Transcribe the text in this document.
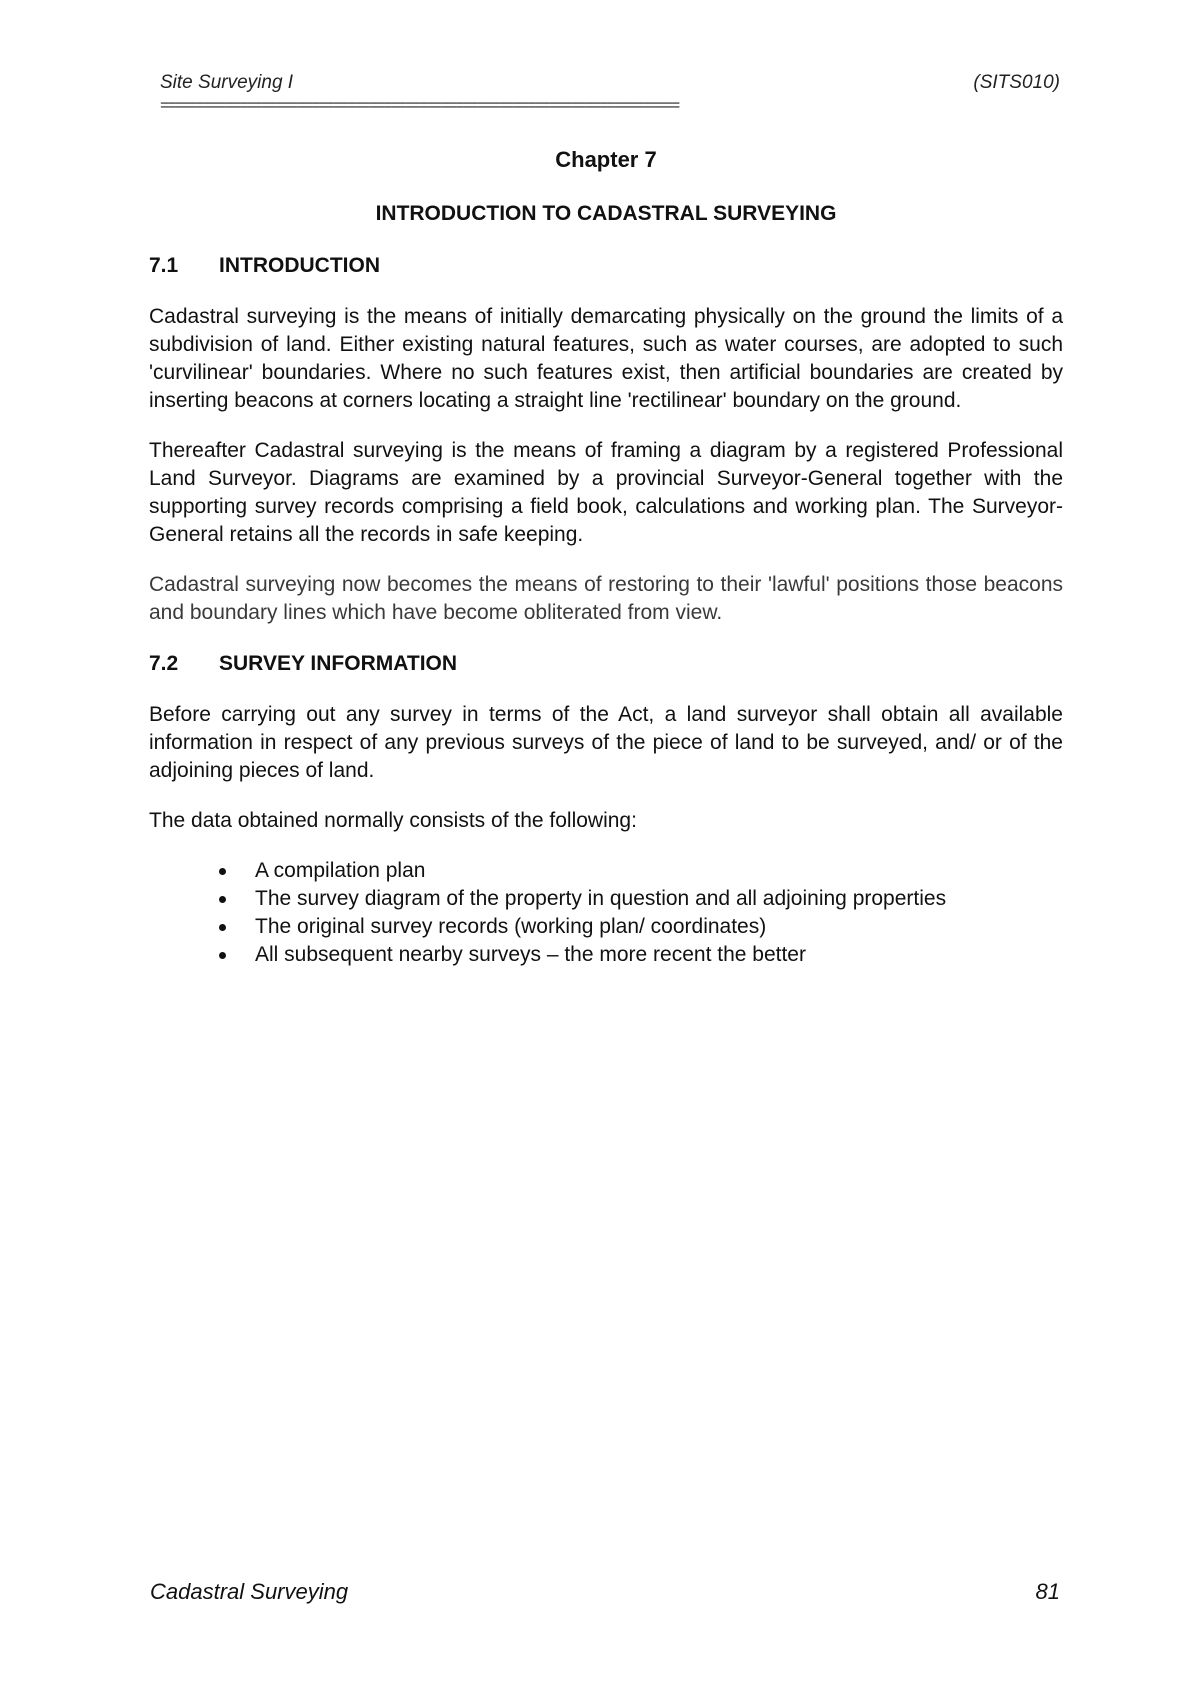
Site Surveying I	(SITS010)
========================================================================
Chapter 7
INTRODUCTION TO CADASTRAL SURVEYING
7.1	INTRODUCTION

Cadastral surveying is the means of initially demarcating physically on the ground the limits of a subdivision of land. Either existing natural features, such as water courses, are adopted to such 'curvilinear' boundaries. Where no such features exist, then artificial boundaries are created by inserting beacons at corners locating a straight line 'rectilinear' boundary on the ground.

Thereafter Cadastral surveying is the means of framing a diagram by a registered Professional Land Surveyor. Diagrams are examined by a provincial Surveyor-General together with the supporting survey records comprising a field book, calculations and working plan. The Surveyor-General retains all the records in safe keeping.

Cadastral surveying now becomes the means of restoring to their 'lawful' positions those beacons and boundary lines which have become obliterated from view.

7.2	SURVEY INFORMATION

Before carrying out any survey in terms of the Act, a land surveyor shall obtain all available information in respect of any previous surveys of the piece of land to be surveyed, and/ or of the adjoining pieces of land.

The data obtained normally consists of the following:

A compilation plan
The survey diagram of the property in question and all adjoining properties
The original survey records (working plan/ coordinates)
All subsequent nearby surveys – the more recent the better
Cadastral Surveying	81
